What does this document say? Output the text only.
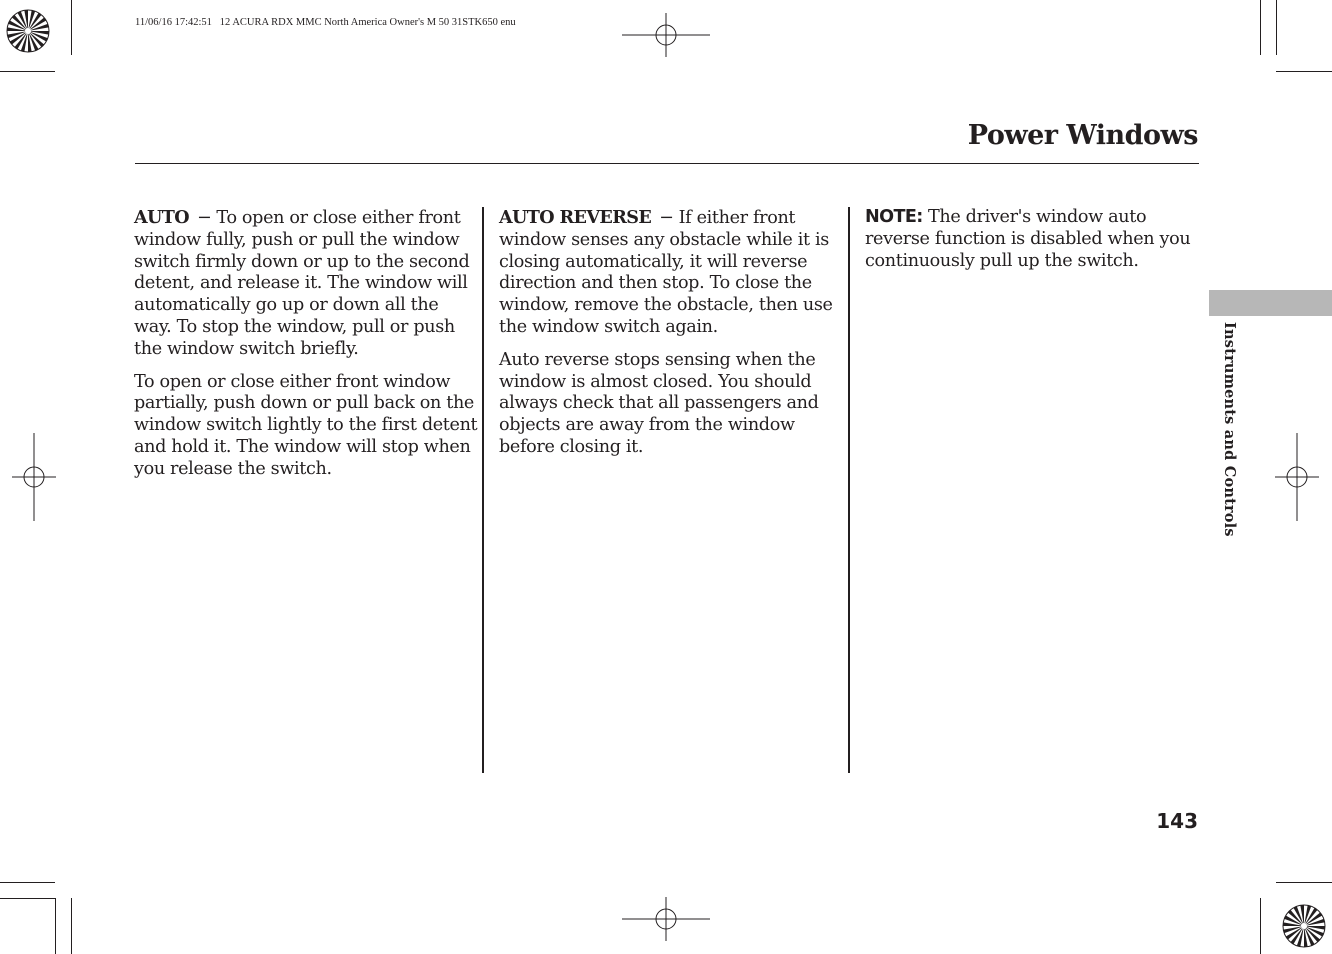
11/06/16 17:42:51   12 ACURA RDX MMC North America Owner's M 50 31STK650 enu
Power Windows

AUTO − To open or close either front window fully, push or pull the window switch firmly down or up to the second detent, and release it. The window will automatically go up or down all the way. To stop the window, pull or push the window switch briefly.

To open or close either front window partially, push down or pull back on the window switch lightly to the first detent and hold it. The window will stop when you release the switch.

AUTO REVERSE − If either front window senses any obstacle while it is closing automatically, it will reverse direction and then stop. To close the window, remove the obstacle, then use the window switch again.

Auto reverse stops sensing when the window is almost closed. You should always check that all passengers and objects are away from the window before closing it.

NOTE: The driver's window auto reverse function is disabled when you continuously pull up the switch.

Instruments and Controls
143
